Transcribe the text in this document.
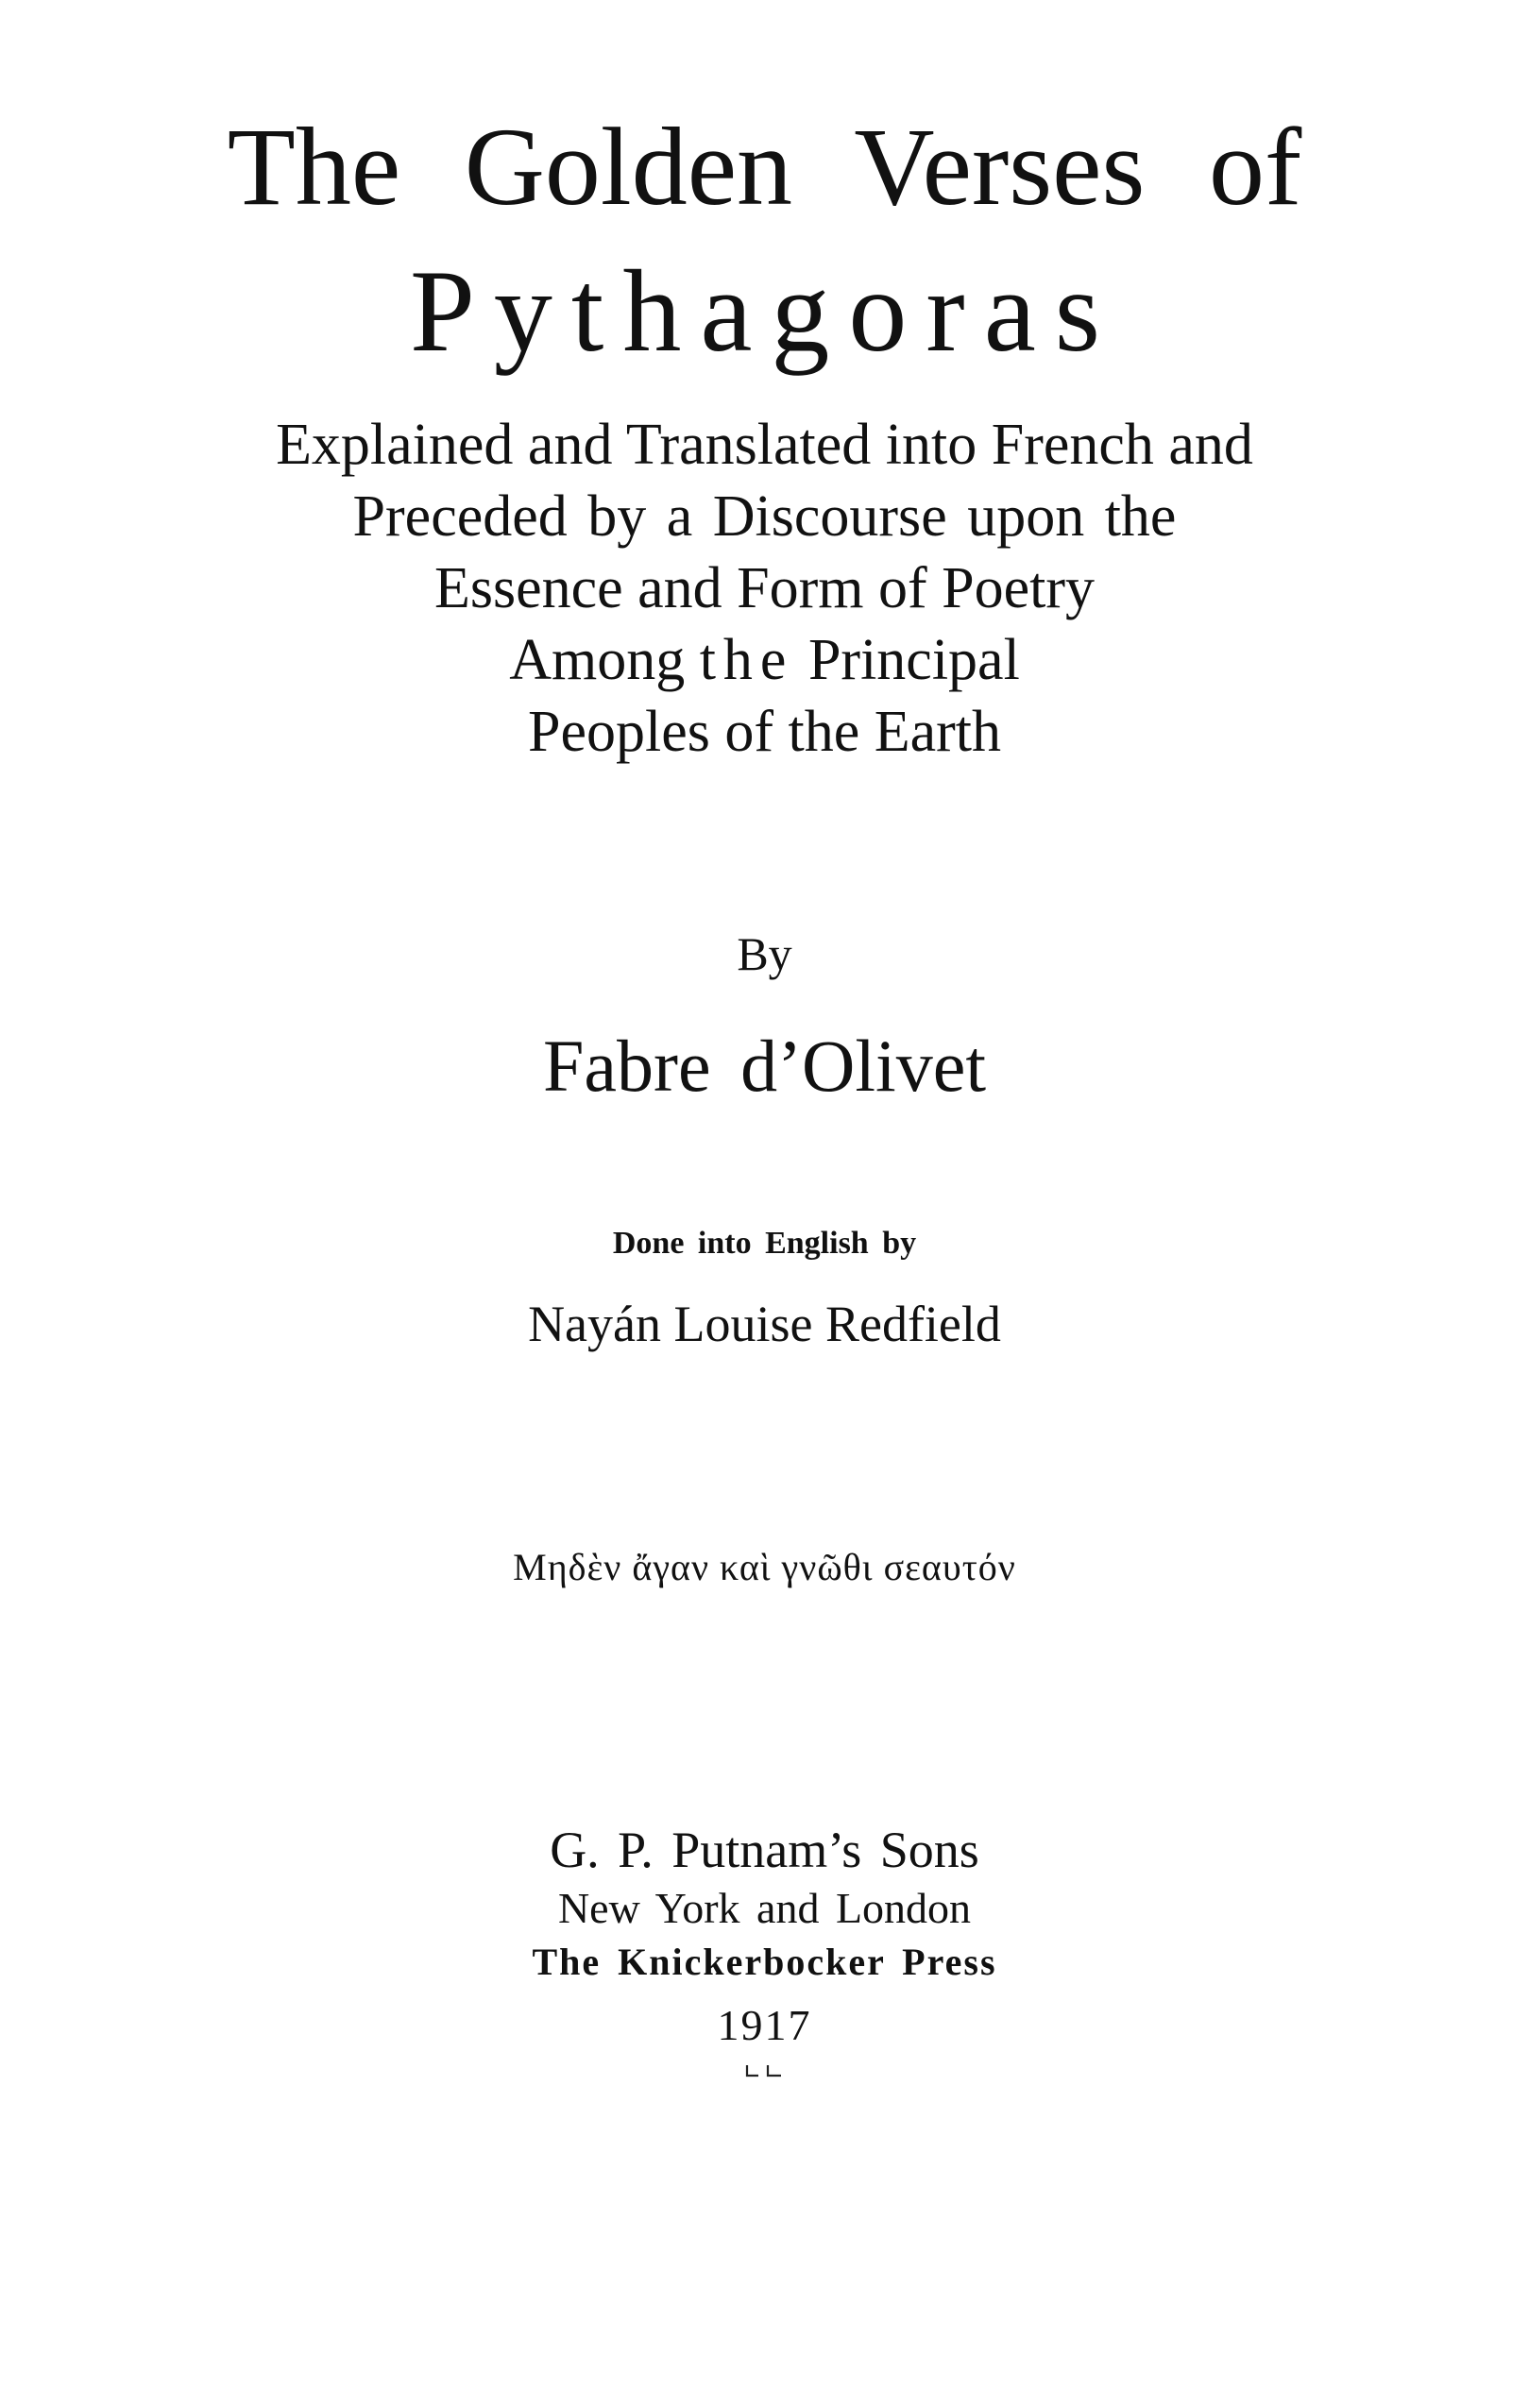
The Golden Verses of
Pythagoras
Explained and Translated into French and
Preceded by a Discourse upon the
Essence and Form of Poetry
Among the Principal
Peoples of the Earth
By
Fabre d’Olivet
Done into English by
Nayán Louise Redfield
Μηδὲν ἄγαν καὶ γνῶθι σεαυτόν
G. P. Putnam’s Sons
New York and London
The Knickerbocker Press
1917
